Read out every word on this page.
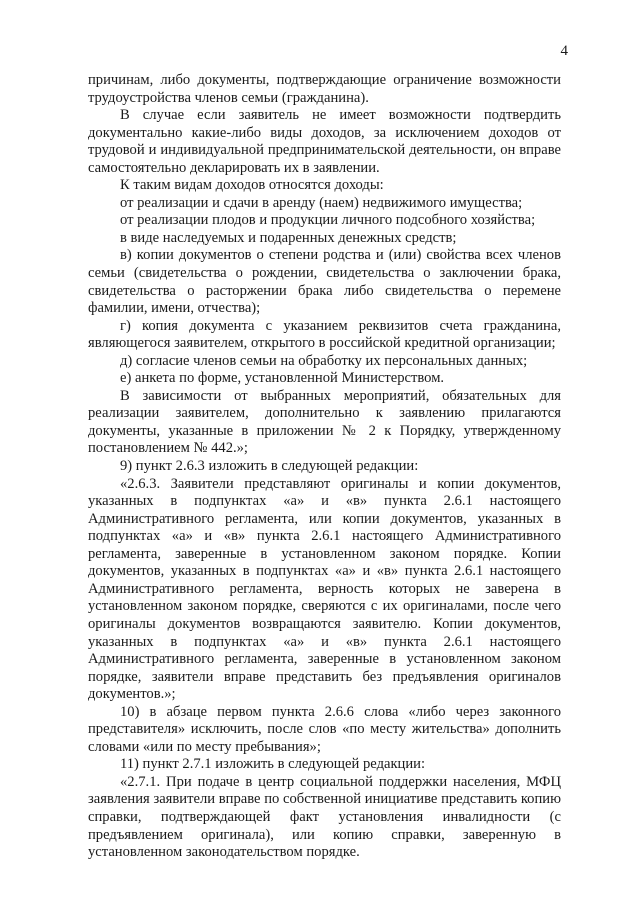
4

причинам, либо документы, подтверждающие ограничение возможности трудоустройства членов семьи (гражданина).

В случае если заявитель не имеет возможности подтвердить документально какие-либо виды доходов, за исключением доходов от трудовой и индивидуальной предпринимательской деятельности, он вправе самостоятельно декларировать их в заявлении.

К таким видам доходов относятся доходы:

от реализации и сдачи в аренду (наем) недвижимого имущества;

от реализации плодов и продукции личного подсобного хозяйства;

в виде наследуемых и подаренных денежных средств;

в) копии документов о степени родства и (или) свойства всех членов семьи (свидетельства о рождении, свидетельства о заключении брака, свидетельства о расторжении брака либо свидетельства о перемене фамилии, имени, отчества);

г) копия документа с указанием реквизитов счета гражданина, являющегося заявителем, открытого в российской кредитной организации;

д) согласие членов семьи на обработку их персональных данных;

е) анкета по форме, установленной Министерством.

В зависимости от выбранных мероприятий, обязательных для реализации заявителем, дополнительно к заявлению прилагаются документы, указанные в приложении № 2 к Порядку, утвержденному постановлением № 442.»;

9) пункт 2.6.3 изложить в следующей редакции:

«2.6.3. Заявители представляют оригиналы и копии документов, указанных в подпунктах «а» и «в» пункта 2.6.1 настоящего Административного регламента, или копии документов, указанных в подпунктах «а» и «в» пункта 2.6.1 настоящего Административного регламента, заверенные в установленном законом порядке. Копии документов, указанных в подпунктах «а» и «в» пункта 2.6.1 настоящего Административного регламента, верность которых не заверена в установленном законом порядке, сверяются с их оригиналами, после чего оригиналы документов возвращаются заявителю. Копии документов, указанных в подпунктах «а» и «в» пункта 2.6.1 настоящего Административного регламента, заверенные в установленном законом порядке, заявители вправе представить без предъявления оригиналов документов.»;

10) в абзаце первом пункта 2.6.6 слова «либо через законного представителя» исключить, после слов «по месту жительства» дополнить словами «или по месту пребывания»;

11) пункт 2.7.1 изложить в следующей редакции:

«2.7.1. При подаче в центр социальной поддержки населения, МФЦ заявления заявители вправе по собственной инициативе представить копию справки, подтверждающей факт установления инвалидности (с предъявлением оригинала), или копию справки, заверенную в установленном законодательством порядке.
